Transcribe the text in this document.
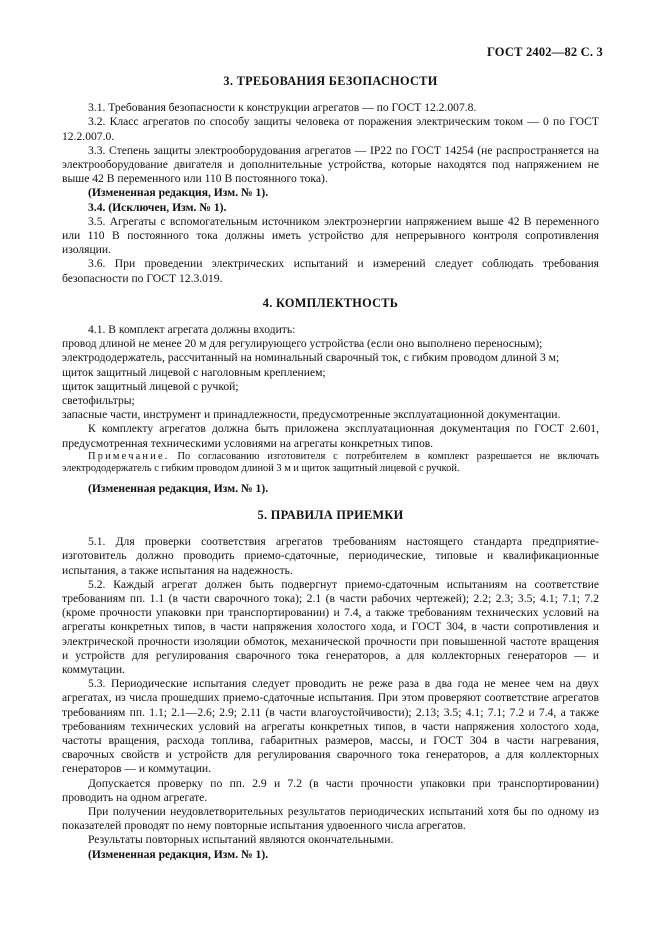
ГОСТ 2402—82 С. 3
3. ТРЕБОВАНИЯ БЕЗОПАСНОСТИ

3.1. Требования безопасности к конструкции агрегатов — по ГОСТ 12.2.007.8.

3.2. Класс агрегатов по способу защиты человека от поражения электрическим током — 0 по ГОСТ 12.2.007.0.

3.3. Степень защиты электрооборудования агрегатов — IP22 по ГОСТ 14254 (не распространяется на электрооборудование двигателя и дополнительные устройства, которые находятся под напряжением не выше 42 В переменного или 110 В постоянного тока).

(Измененная редакция, Изм. № 1).

3.4. (Исключен, Изм. № 1).

3.5. Агрегаты с вспомогательным источником электроэнергии напряжением выше 42 В переменного или 110 В постоянного тока должны иметь устройство для непрерывного контроля сопротивления изоляции.

3.6. При проведении электрических испытаний и измерений следует соблюдать требования безопасности по ГОСТ 12.3.019.

4. КОМПЛЕКТНОСТЬ

4.1. В комплект агрегата должны входить:

провод длиной не менее 20 м для регулирующего устройства (если оно выполнено переносным);

электрододержатель, рассчитанный на номинальный сварочный ток, с гибким проводом длиной 3 м;

щиток защитный лицевой с наголовным креплением;

щиток защитный лицевой с ручкой;

светофильтры;

запасные части, инструмент и принадлежности, предусмотренные эксплуатационной документации.

К комплекту агрегатов должна быть приложена эксплуатационная документация по ГОСТ 2.601, предусмотренная техническими условиями на агрегаты конкретных типов.

Примечание. По согласованию изготовителя с потребителем в комплект разрешается не включать электрододержатель с гибким проводом длиной 3 м и щиток защитный лицевой с ручкой.

(Измененная редакция, Изм. № 1).

5. ПРАВИЛА ПРИЕМКИ

5.1. Для проверки соответствия агрегатов требованиям настоящего стандарта предприятие-изготовитель должно проводить приемо-сдаточные, периодические, типовые и квалификационные испытания, а также испытания на надежность.

5.2. Каждый агрегат должен быть подвергнут приемо-сдаточным испытаниям на соответствие требованиям пп. 1.1 (в части сварочного тока); 2.1 (в части рабочих чертежей); 2.2; 2.3; 3.5; 4.1; 7.1; 7.2 (кроме прочности упаковки при транспортировании) и 7.4, а также требованиям технических условий на агрегаты конкретных типов, в части напряжения холостого хода, и ГОСТ 304, в части сопротивления и электрической прочности изоляции обмоток, механической прочности при повышенной частоте вращения и устройств для регулирования сварочного тока генераторов, а для коллекторных генераторов — и коммутации.

5.3. Периодические испытания следует проводить не реже раза в два года не менее чем на двух агрегатах, из числа прошедших приемо-сдаточные испытания. При этом проверяют соответствие агрегатов требованиям пп. 1.1; 2.1—2.6; 2.9; 2.11 (в части влагоустойчивости); 2.13; 3.5; 4.1; 7.1; 7.2 и 7.4, а также требованиям технических условий на агрегаты конкретных типов, в части напряжения холостого хода, частоты вращения, расхода топлива, габаритных размеров, массы, и ГОСТ 304 в части нагревания, сварочных свойств и устройств для регулирования сварочного тока генераторов, а для коллекторных генераторов — и коммутации.

Допускается проверку по пп. 2.9 и 7.2 (в части прочности упаковки при транспортировании) проводить на одном агрегате.

При получении неудовлетворительных результатов периодических испытаний хотя бы по одному из показателей проводят по нему повторные испытания удвоенного числа агрегатов.

Результаты повторных испытаний являются окончательными.

(Измененная редакция, Изм. № 1).
